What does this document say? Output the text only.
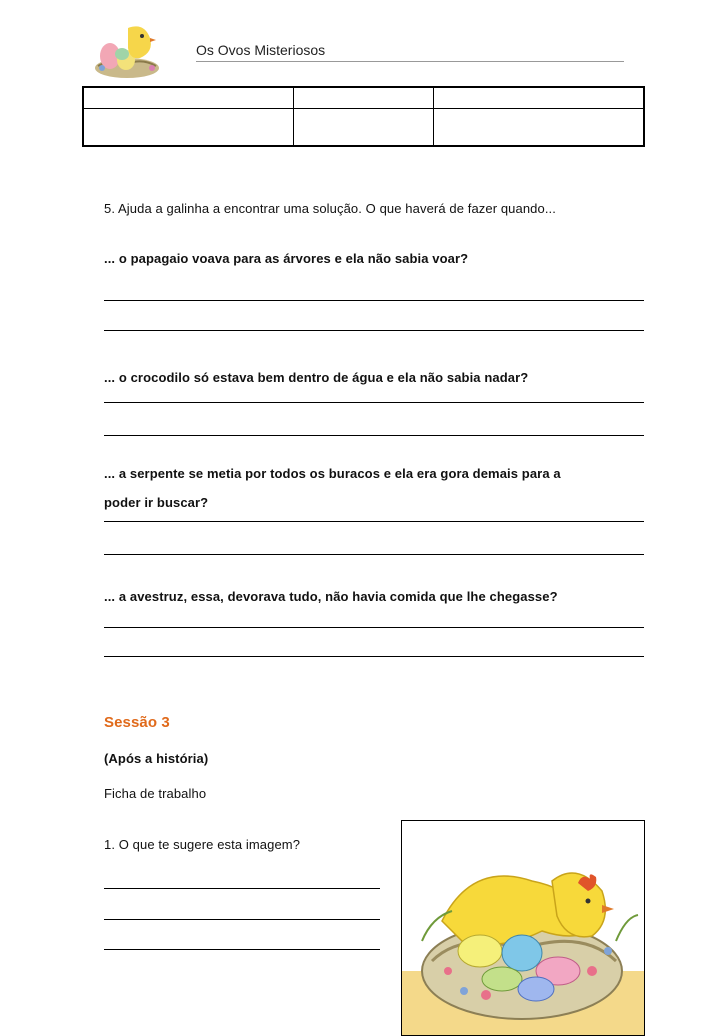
Os Ovos Misteriosos

5. Ajuda a galinha a encontrar uma solução. O que haverá de fazer quando...
... o papagaio voava para as árvores e ela não sabia voar?
... o crocodilo só estava bem dentro de água e ela não sabia nadar?
... a serpente se metia por todos os buracos e ela era gora demais para a
poder ir buscar?
... a avestruz, essa, devorava tudo, não havia comida que lhe chegasse?
Sessão 3
(Após a história)
Ficha de trabalho
1. O que te sugere esta imagem?
